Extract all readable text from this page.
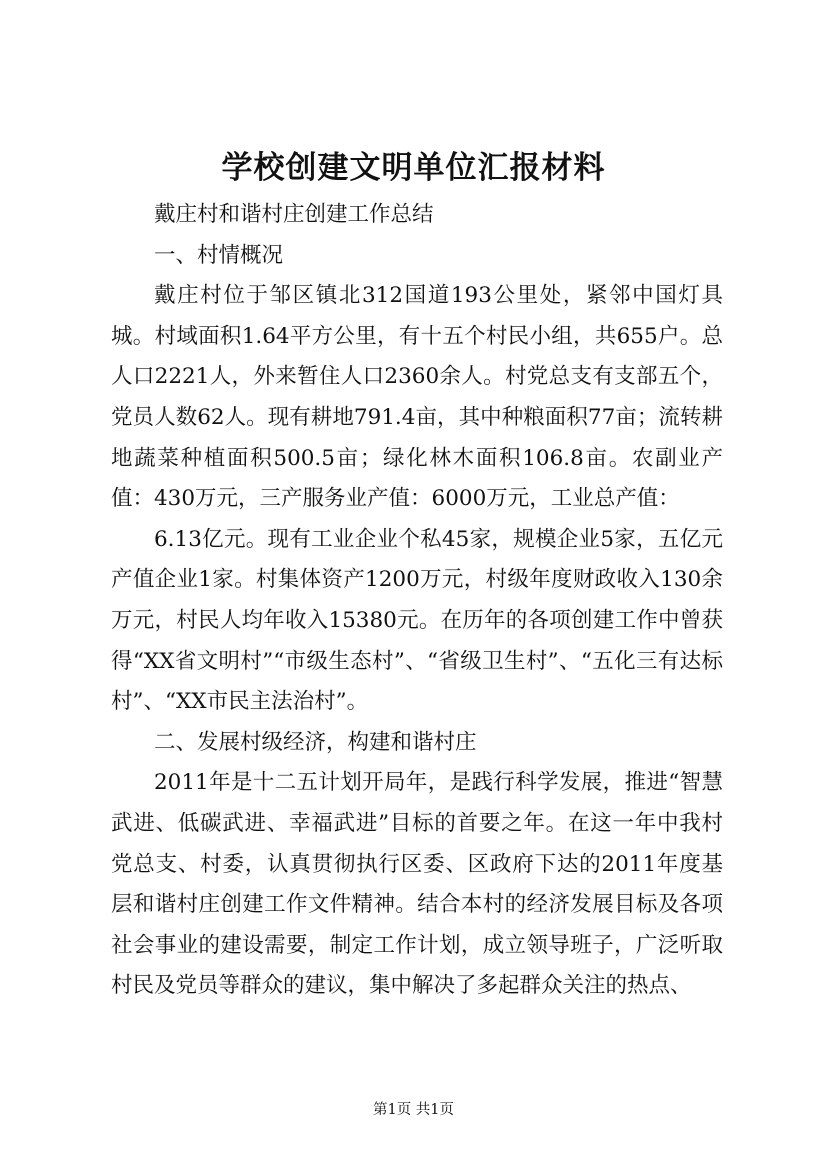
学校创建文明单位汇报材料

戴庄村和谐村庄创建工作总结

一、村情概况

戴庄村位于邹区镇北312国道193公里处，紧邻中国灯具城。村域面积1.64平方公里，有十五个村民小组，共655户。总人口2221人，外来暂住人口2360余人。村党总支有支部五个，党员人数62人。现有耕地791.4亩，其中种粮面积77亩；流转耕地蔬菜种植面积500.5亩；绿化林木面积106.8亩。农副业产值：430万元，三产服务业产值：6000万元，工业总产值：

6.13亿元。现有工业企业个私45家，规模企业5家，五亿元产值企业1家。村集体资产1200万元，村级年度财政收入130余万元，村民人均年收入15380元。在历年的各项创建工作中曾获得“XX省文明村”“市级生态村”、“省级卫生村”、“五化三有达标村”、“XX市民主法治村”。

二、发展村级经济，构建和谐村庄

2011年是十二五计划开局年，是践行科学发展，推进“智慧武进、低碳武进、幸福武进”目标的首要之年。在这一年中我村党总支、村委，认真贯彻执行区委、区政府下达的2011年度基层和谐村庄创建工作文件精神。结合本村的经济发展目标及各项社会事业的建设需要，制定工作计划，成立领导班子，广泛听取村民及党员等群众的建议，集中解决了多起群众关注的热点、

第1页 共1页
